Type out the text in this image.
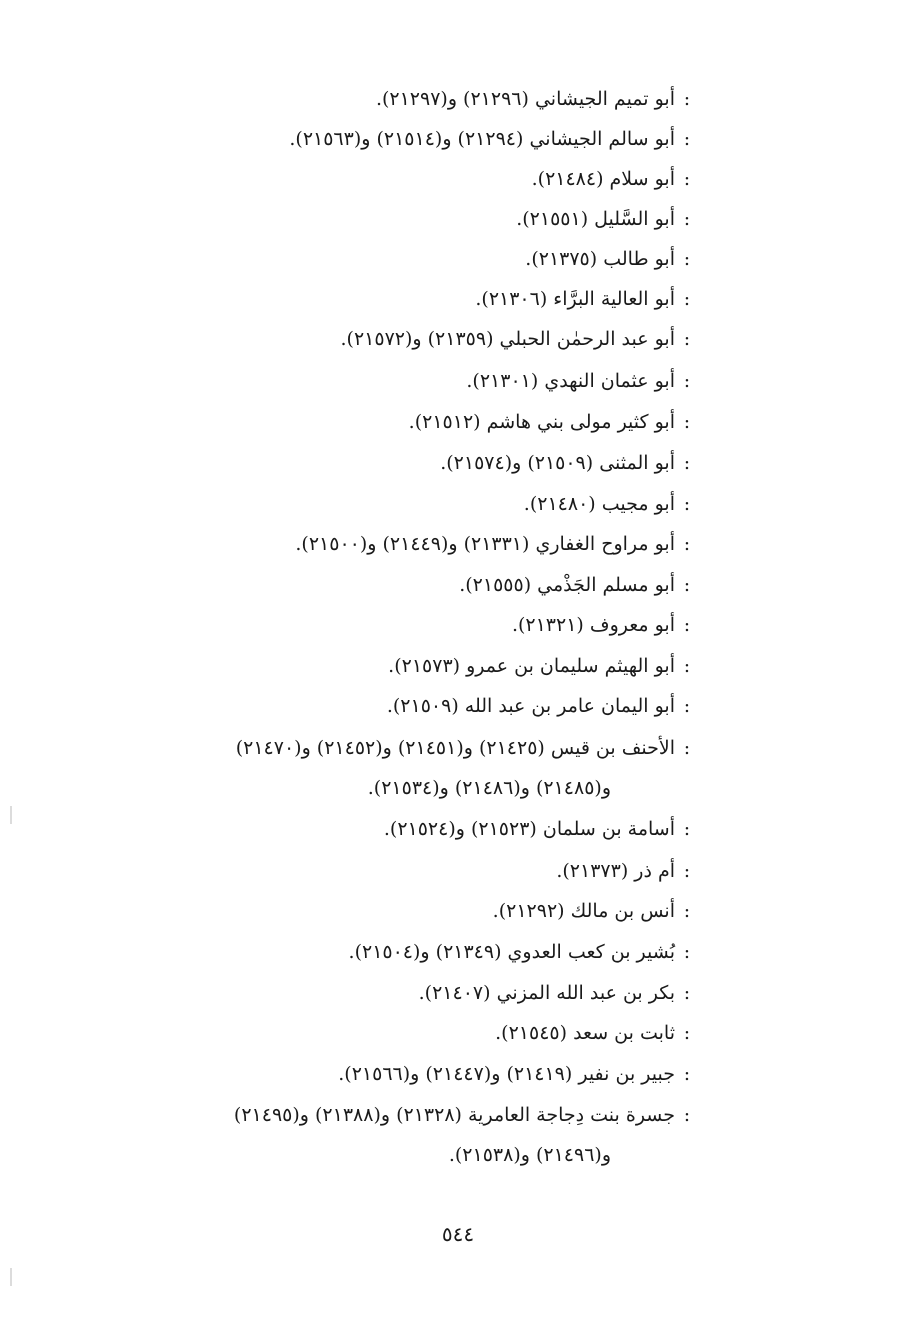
:
أبو تميم الجيشاني (٢١٢٩٦) و(٢١٢٩٧).
:
أبو سالم الجيشاني (٢١٢٩٤) و(٢١٥١٤) و(٢١٥٦٣).
:
أبو سلام (٢١٤٨٤).
:
أبو السَّليل (٢١٥٥١).
:
أبو طالب (٢١٣٧٥).
:
أبو العالية البرَّاء (٢١٣٠٦).
:
أبو عبد الرحمٰن الحبلي (٢١٣٥٩) و(٢١٥٧٢).
:
أبو عثمان النهدي (٢١٣٠١).
:
أبو كثير مولى بني هاشم (٢١٥١٢).
:
أبو المثنى (٢١٥٠٩) و(٢١٥٧٤).
:
أبو مجيب (٢١٤٨٠).
:
أبو مراوح الغفاري (٢١٣٣١) و(٢١٤٤٩) و(٢١٥٠٠).
:
أبو مسلم الجَذْمي (٢١٥٥٥).
:
أبو معروف (٢١٣٢١).
:
أبو الهيثم سليمان بن عمرو (٢١٥٧٣).
:
أبو اليمان عامر بن عبد الله (٢١٥٠٩).
:
الأحنف بن قيس (٢١٤٢٥) و(٢١٤٥١) و(٢١٤٥٢) و(٢١٤٧٠)
و(٢١٤٨٥) و(٢١٤٨٦) و(٢١٥٣٤).
:
أسامة بن سلمان (٢١٥٢٣) و(٢١٥٢٤).
:
أم ذر (٢١٣٧٣).
:
أنس بن مالك (٢١٢٩٢).
:
بُشير بن كعب العدوي (٢١٣٤٩) و(٢١٥٠٤).
:
بكر بن عبد الله المزني (٢١٤٠٧).
:
ثابت بن سعد (٢١٥٤٥).
:
جبير بن نفير (٢١٤١٩) و(٢١٤٤٧) و(٢١٥٦٦).
:
جسرة بنت دِجاجة العامرية (٢١٣٢٨) و(٢١٣٨٨) و(٢١٤٩٥)
و(٢١٤٩٦) و(٢١٥٣٨).
٥٤٤
